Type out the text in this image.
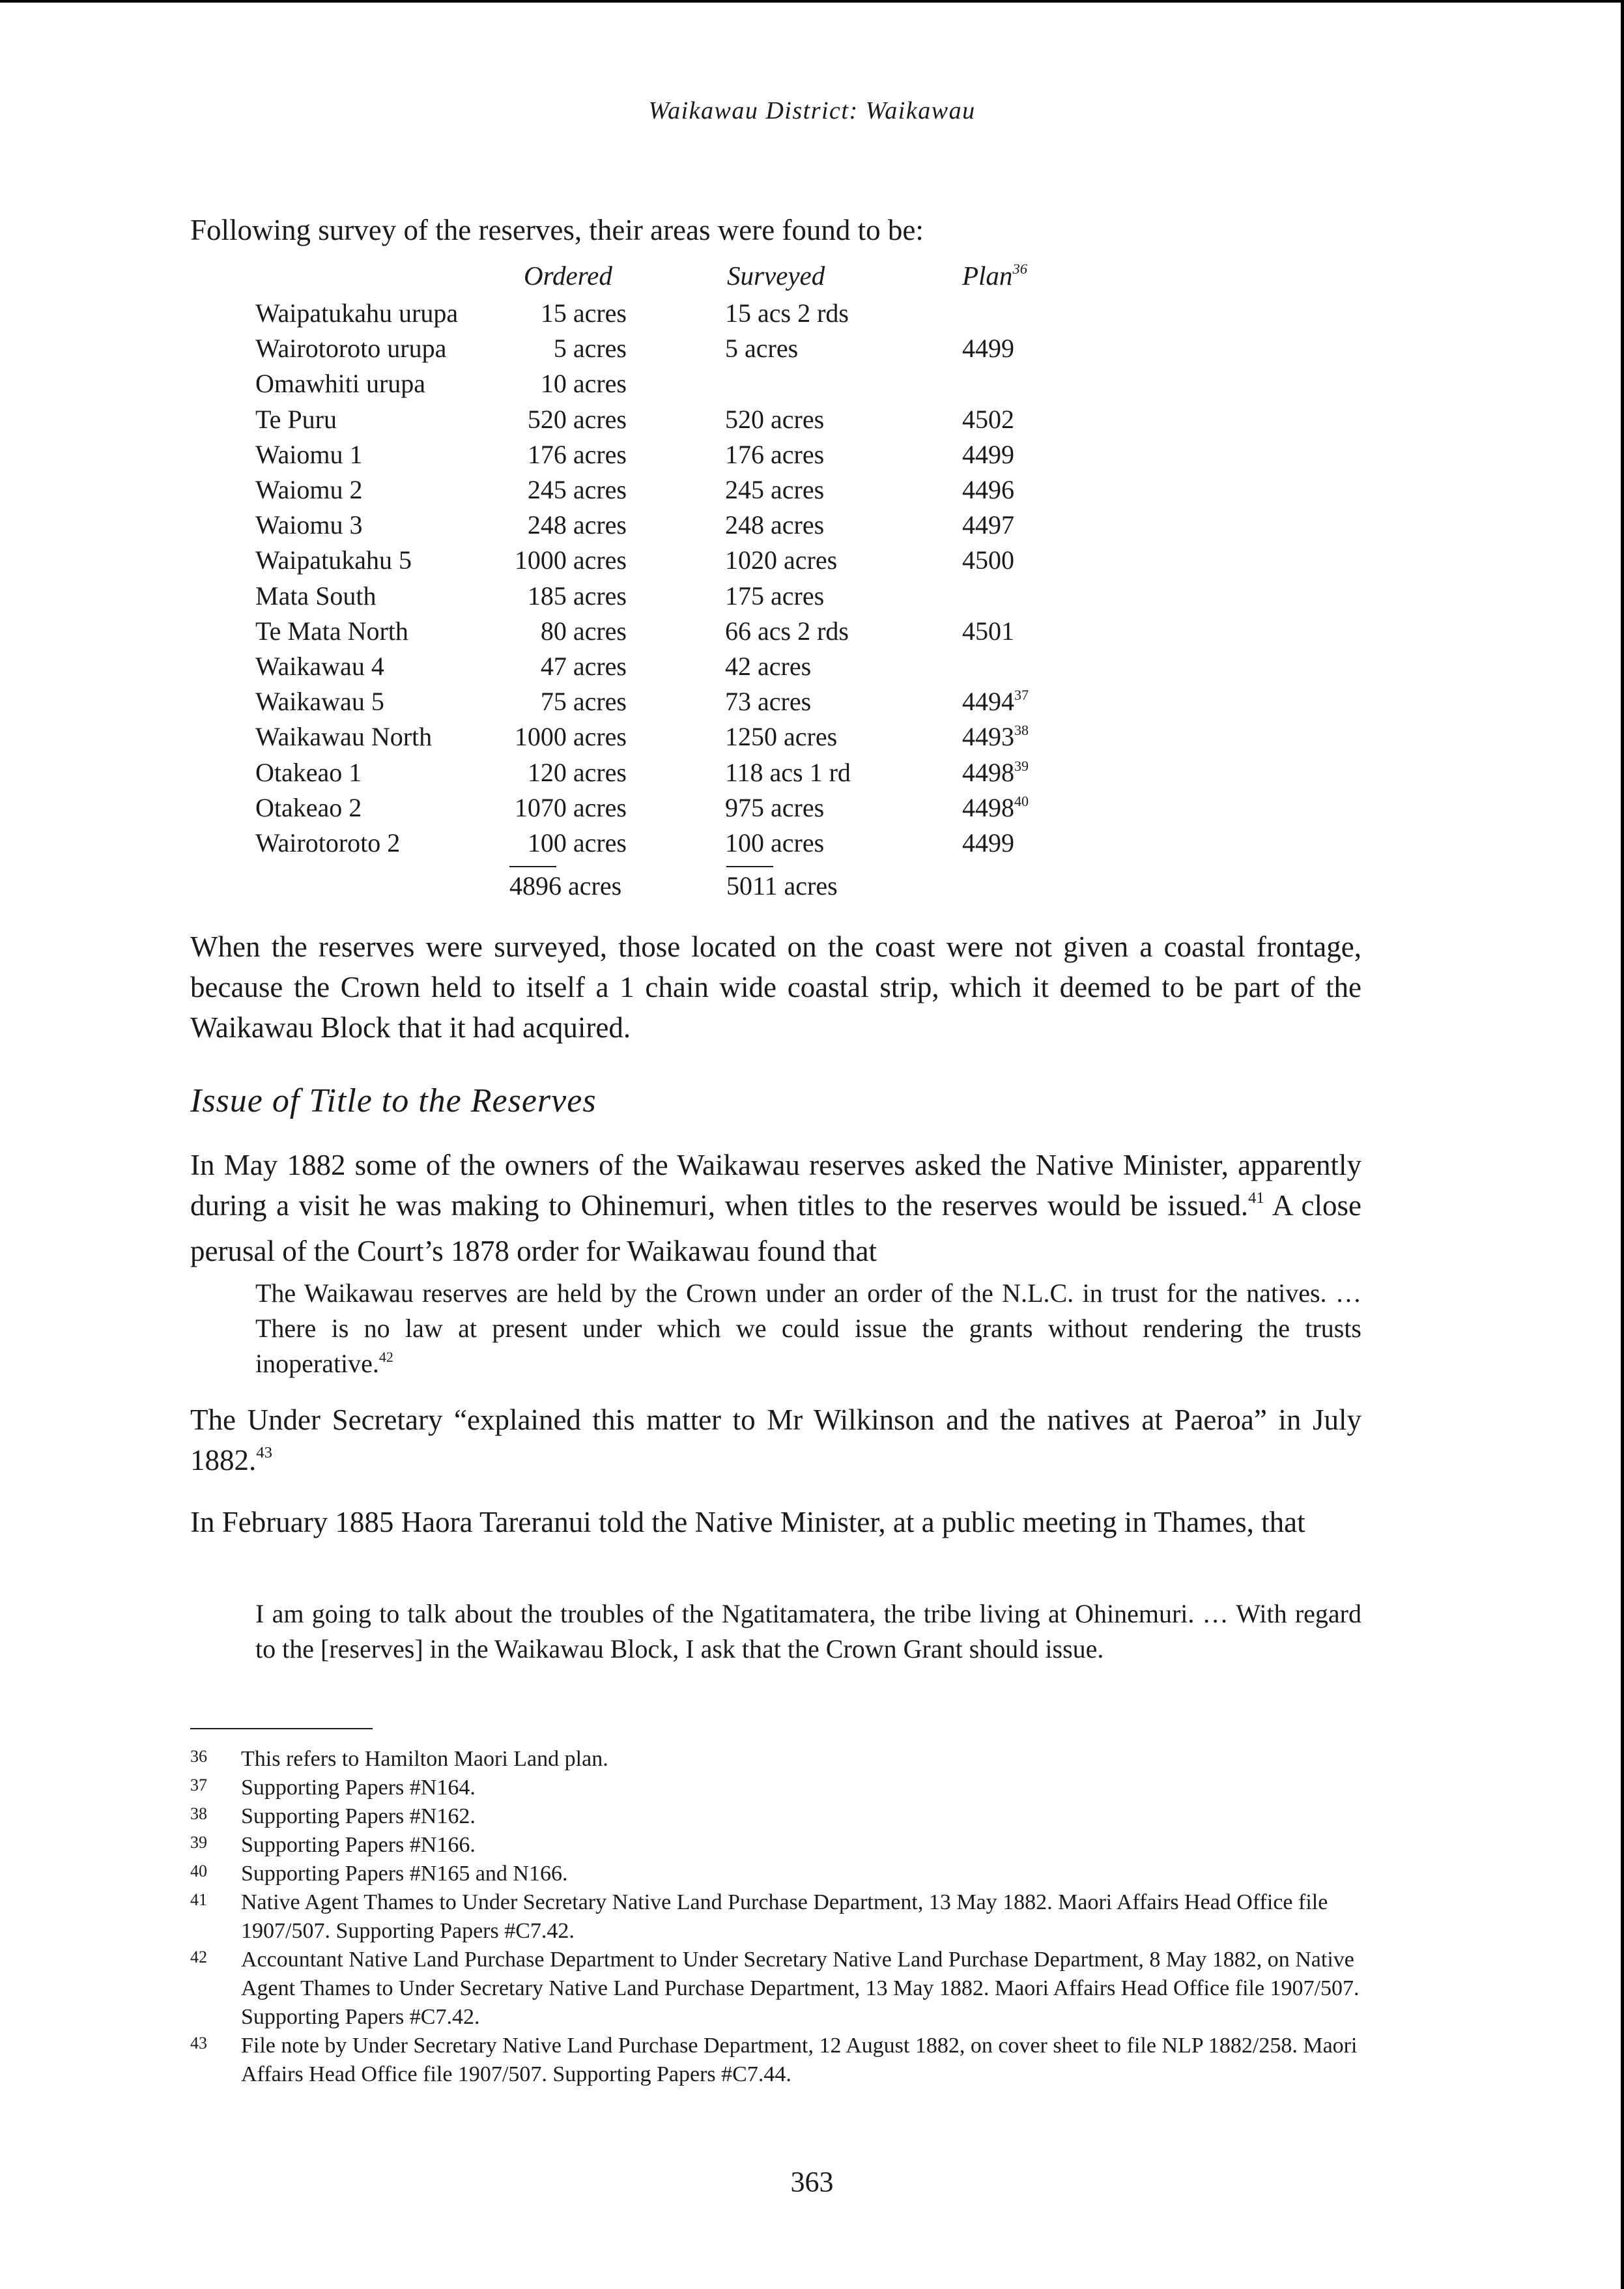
Waikawau District: Waikawau

Following survey of the reserves, their areas were found to be:

Ordered	Surveyed	Plan$^{36}$
Waipatukahu urupa	15 acres	15 acs 2 rds
Wairotoroto urupa	5 acres	5 acres	4499
Omawhiti urupa	10 acres
Te Puru	520 acres	520 acres	4502
Waiomu 1	176 acres	176 acres	4499
Waiomu 2	245 acres	245 acres	4496
Waiomu 3	248 acres	248 acres	4497
Waipatukahu 5	1000 acres	1020 acres	4500
Mata South	185 acres	175 acres
Te Mata North	80 acres	66 acs 2 rds	4501
Waikawau 4	47 acres	42 acres
Waikawau 5	75 acres	73 acres	4494$^{37}$
Waikawau North	1000 acres	1250 acres	4493$^{38}$
Otakeao 1	120 acres	118 acs 1 rd	4498$^{39}$
Otakeao 2	1070 acres	975 acres	4498$^{40}$
Wairotoroto 2	100 acres	100 acres	4499
4896 acres	5011 acres

When the reserves were surveyed, those located on the coast were not given a coastal frontage, because the Crown held to itself a 1 chain wide coastal strip, which it deemed to be part of the Waikawau Block that it had acquired.

Issue of Title to the Reserves

In May 1882 some of the owners of the Waikawau reserves asked the Native Minister, apparently during a visit he was making to Ohinemuri, when titles to the reserves would be issued.$^{41}$ A close perusal of the Court’s 1878 order for Waikawau found that

The Waikawau reserves are held by the Crown under an order of the N.L.C. in trust for the natives. … There is no law at present under which we could issue the grants without rendering the trusts inoperative.$^{42}$

The Under Secretary “explained this matter to Mr Wilkinson and the natives at Paeroa” in July 1882.43

In February 1885 Haora Tareranui told the Native Minister, at a public meeting in Thames, that

I am going to talk about the troubles of the Ngatitamatera, the tribe living at Ohinemuri. … With regard to the [reserves] in the Waikawau Block, I ask that the Crown Grant should issue.

36 This refers to Hamilton Maori Land plan.
37 Supporting Papers #N164.
38 Supporting Papers #N162.
39 Supporting Papers #N166.
40 Supporting Papers #N165 and N166.
41 Native Agent Thames to Under Secretary Native Land Purchase Department, 13 May 1882. Maori Affairs Head Office file 1907/507. Supporting Papers #C7.42.
42 Accountant Native Land Purchase Department to Under Secretary Native Land Purchase Department, 8 May 1882, on Native Agent Thames to Under Secretary Native Land Purchase Department, 13 May 1882. Maori Affairs Head Office file 1907/507. Supporting Papers #C7.42.
43 File note by Under Secretary Native Land Purchase Department, 12 August 1882, on cover sheet to file NLP 1882/258. Maori Affairs Head Office file 1907/507. Supporting Papers #C7.44.
363
